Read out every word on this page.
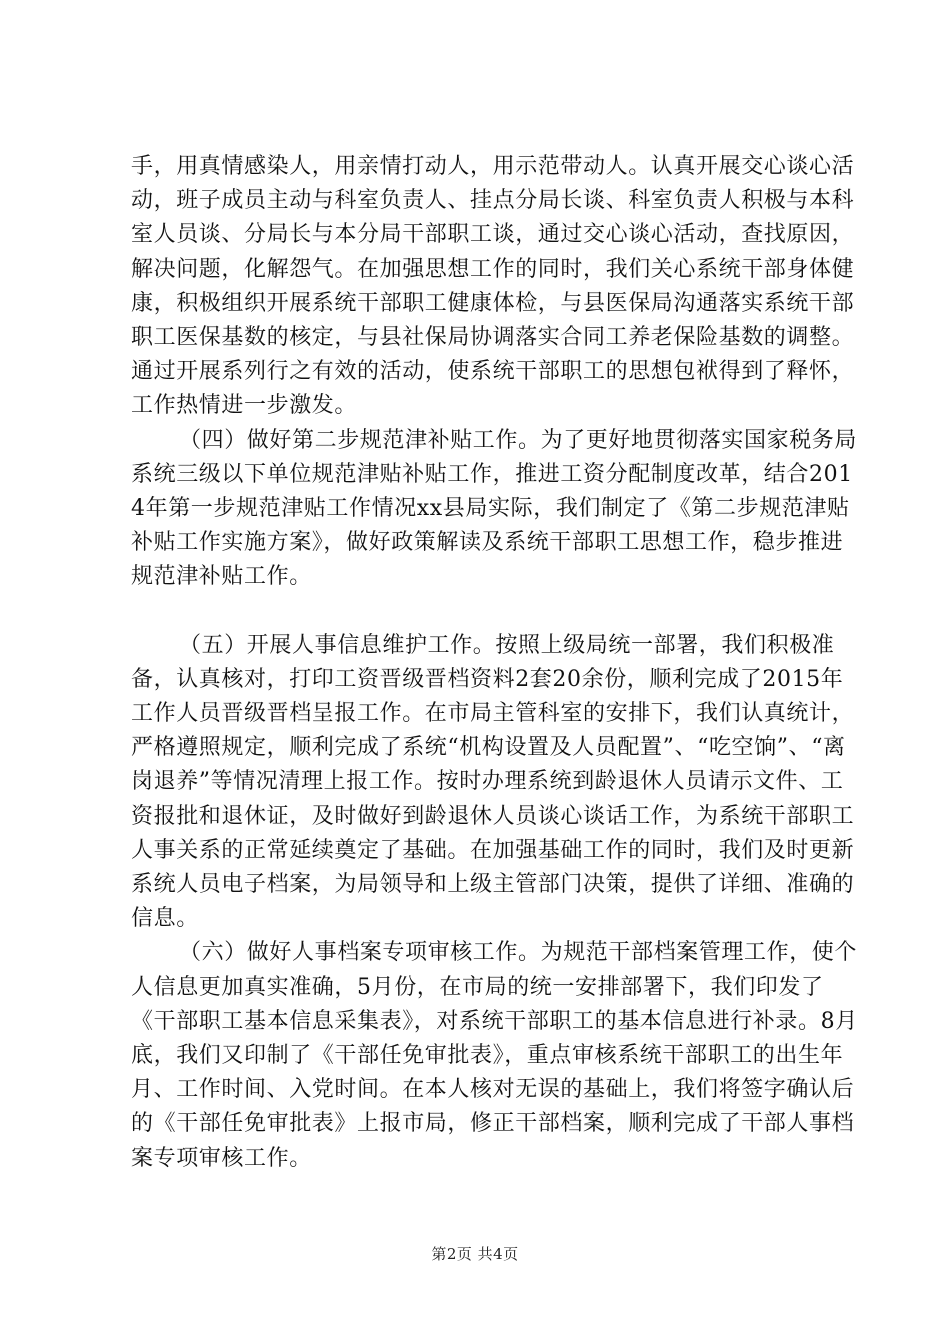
手，用真情感染人，用亲情打动人，用示范带动人。认真开展交心谈心活动，班子成员主动与科室负责人、挂点分局长谈、科室负责人积极与本科室人员谈、分局长与本分局干部职工谈，通过交心谈心活动，查找原因，解决问题，化解怨气。在加强思想工作的同时，我们关心系统干部身体健康，积极组织开展系统干部职工健康体检，与县医保局沟通落实系统干部职工医保基数的核定，与县社保局协调落实合同工养老保险基数的调整。通过开展系列行之有效的活动，使系统干部职工的思想包袱得到了释怀，工作热情进一步激发。

（四）做好第二步规范津补贴工作。为了更好地贯彻落实国家税务局系统三级以下单位规范津贴补贴工作，推进工资分配制度改革，结合2014年第一步规范津贴工作情况xx县局实际，我们制定了《第二步规范津贴补贴工作实施方案》，做好政策解读及系统干部职工思想工作，稳步推进规范津补贴工作。

（五）开展人事信息维护工作。按照上级局统一部署，我们积极准备，认真核对，打印工资晋级晋档资料2套20余份，顺利完成了2015年工作人员晋级晋档呈报工作。在市局主管科室的安排下，我们认真统计，严格遵照规定，顺利完成了系统“机构设置及人员配置”、“吃空饷”、“离岗退养”等情况清理上报工作。按时办理系统到龄退休人员请示文件、工资报批和退休证，及时做好到龄退休人员谈心谈话工作，为系统干部职工人事关系的正常延续奠定了基础。在加强基础工作的同时，我们及时更新系统人员电子档案，为局领导和上级主管部门决策，提供了详细、准确的信息。

（六）做好人事档案专项审核工作。为规范干部档案管理工作，使个人信息更加真实准确，5月份，在市局的统一安排部署下，我们印发了《干部职工基本信息采集表》，对系统干部职工的基本信息进行补录。8月底，我们又印制了《干部任免审批表》，重点审核系统干部职工的出生年月、工作时间、入党时间。在本人核对无误的基础上，我们将签字确认后的《干部任免审批表》上报市局，修正干部档案，顺利完成了干部人事档案专项审核工作。

第2页 共4页
